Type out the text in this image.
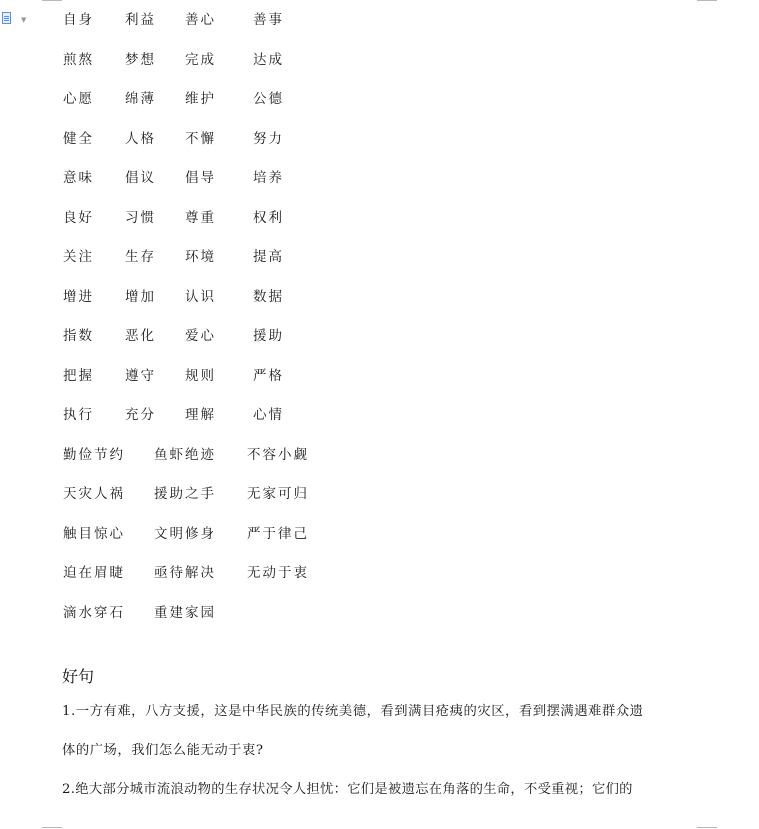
▼	自身 利益 善心	善事
煎熬 梦想 完成	达成
心愿 绵薄 维护	公德
健全 人格 不懈	努力
意味 倡议 倡导	培养
良好 习惯 尊重	权利
关注 生存 环境	提高
增进 增加 认识	数据
指数 恶化 爱心	援助
把握 遵守 规则	严格
执行 充分 理解	心情
勤俭节约 鱼虾绝迹 不容小觑
天灾人祸 援助之手 无家可归
触目惊心 文明修身 严于律己
迫在眉睫 亟待解决 无动于衷
滴水穿石 重建家园
好句
1.一方有难，八方支援，这是中华民族的传统美德，看到满目疮痍的灾区，看到摆满遇难群众遗
体的广场，我们怎么能无动于衷?
2.绝大部分城市流浪动物的生存状况令人担忧：它们是被遗忘在角落的生命，不受重视；它们的
